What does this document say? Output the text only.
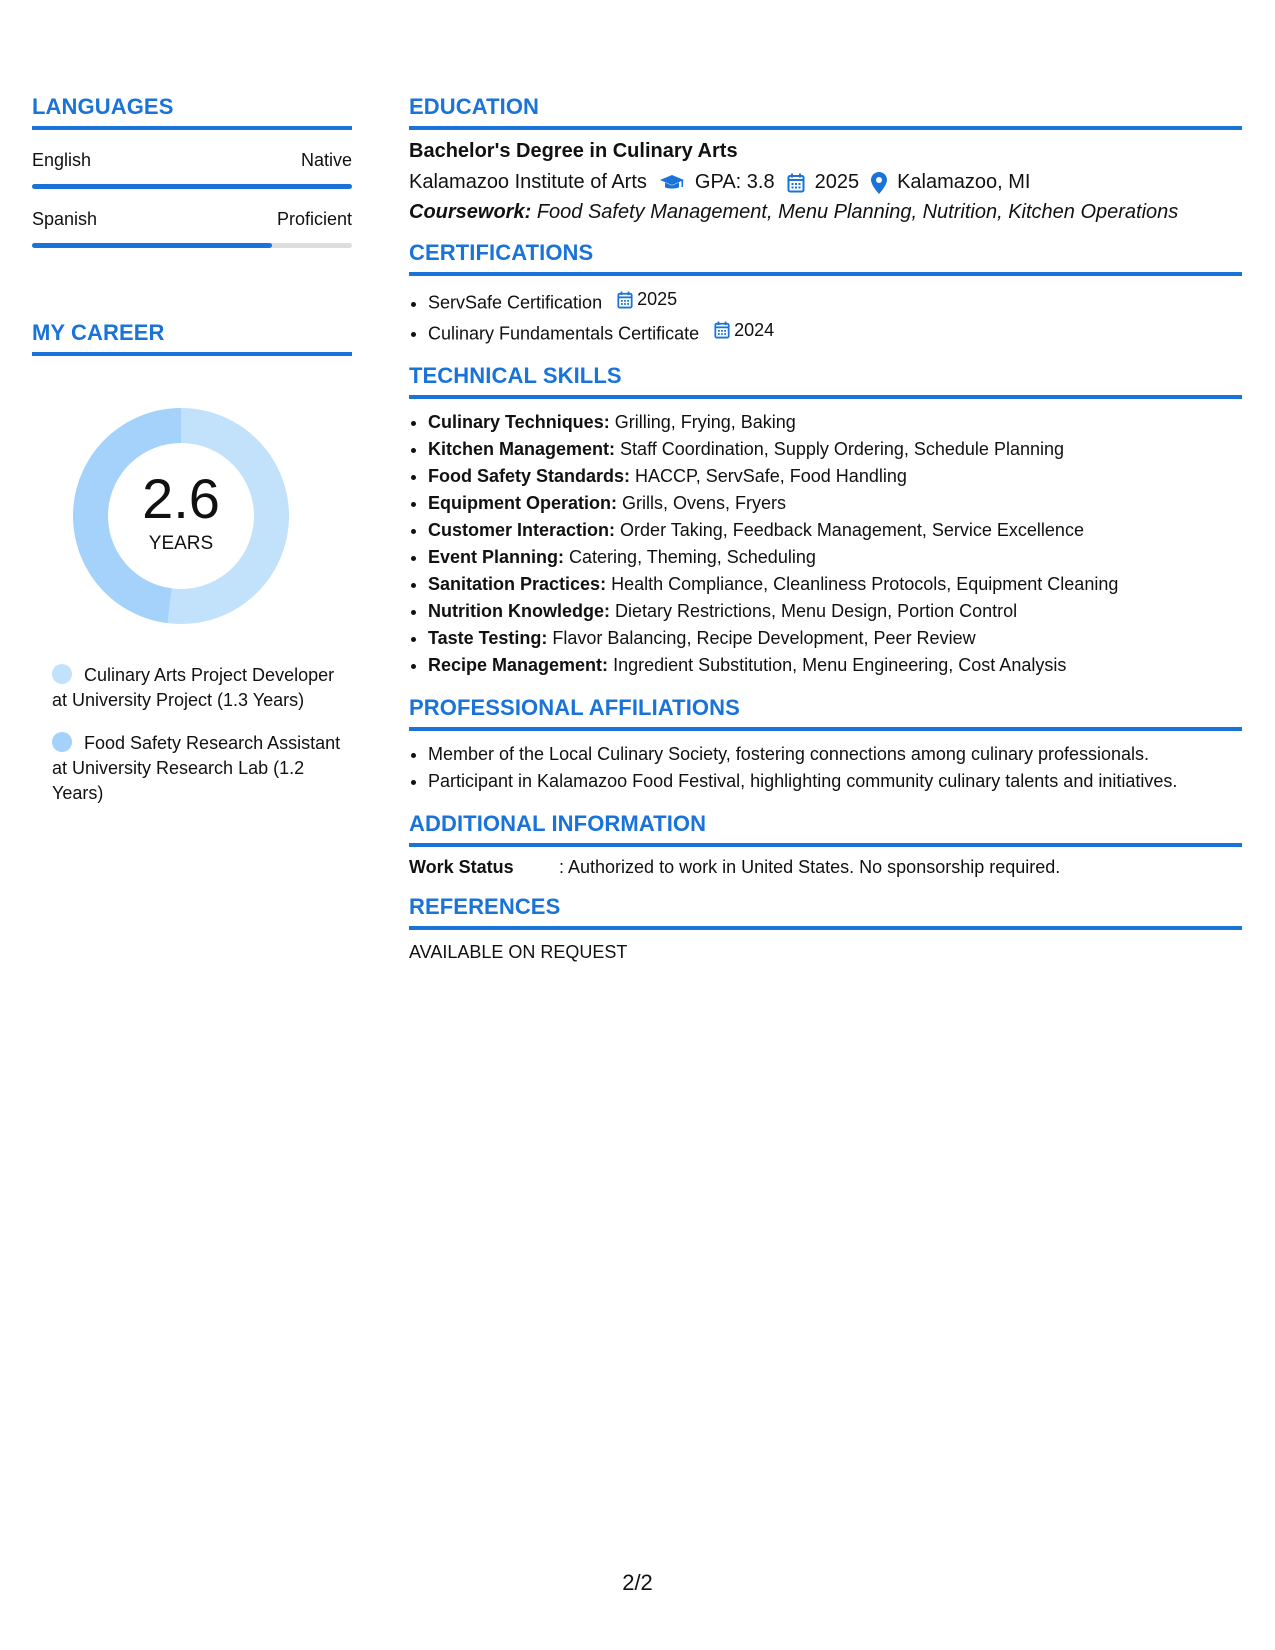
LANGUAGES
English	Native
Spanish	Proficient
MY CAREER
2.6
YEARS
Culinary Arts Project Developer at University Project (1.3 Years)
Food Safety Research Assistant at University Research Lab (1.2 Years)
EDUCATION
Bachelor's Degree in Culinary Arts
Kalamazoo Institute of Arts GPA: 3.8 2025 Kalamazoo, MI
Coursework: Food Safety Management, Menu Planning, Nutrition, Kitchen Operations
CERTIFICATIONS
• ServSafe Certification 2025
• Culinary Fundamentals Certificate 2024
TECHNICAL SKILLS
• Culinary Techniques: Grilling, Frying, Baking
• Kitchen Management: Staff Coordination, Supply Ordering, Schedule Planning
• Food Safety Standards: HACCP, ServSafe, Food Handling
• Equipment Operation: Grills, Ovens, Fryers
• Customer Interaction: Order Taking, Feedback Management, Service Excellence
• Event Planning: Catering, Theming, Scheduling
• Sanitation Practices: Health Compliance, Cleanliness Protocols, Equipment Cleaning
• Nutrition Knowledge: Dietary Restrictions, Menu Design, Portion Control
• Taste Testing: Flavor Balancing, Recipe Development, Peer Review
• Recipe Management: Ingredient Substitution, Menu Engineering, Cost Analysis
PROFESSIONAL AFFILIATIONS
• Member of the Local Culinary Society, fostering connections among culinary professionals.
• Participant in Kalamazoo Food Festival, highlighting community culinary talents and initiatives.
ADDITIONAL INFORMATION
Work Status	: Authorized to work in United States. No sponsorship required.
REFERENCES
AVAILABLE ON REQUEST
2/2
